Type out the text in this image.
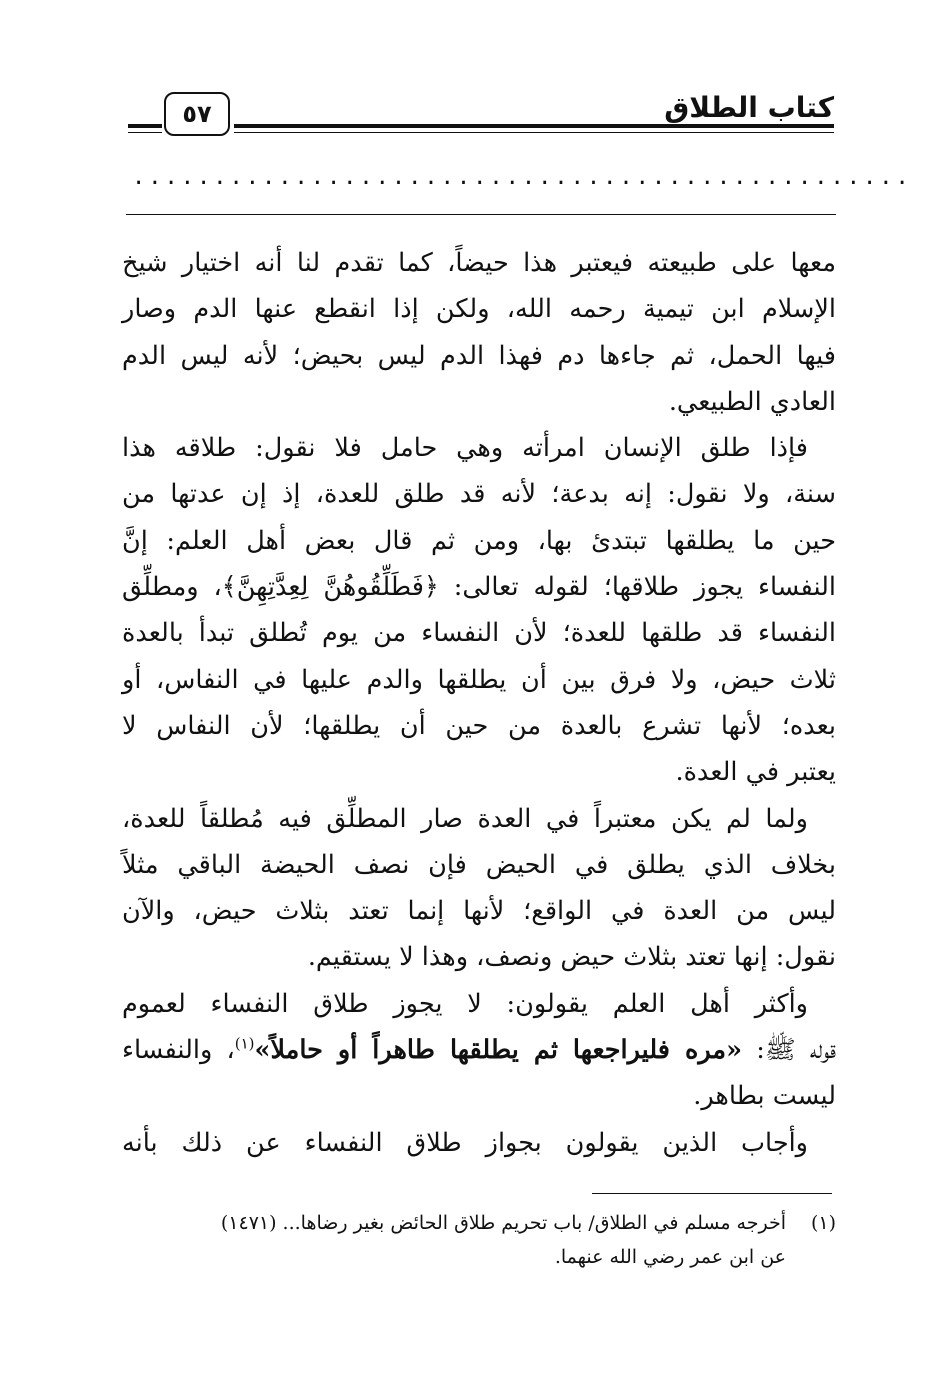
كتاب الطلاق
٥٧
................................................

معها على طبيعته فيعتبر هذا حيضاً، كما تقدم لنا أنه اختيار شيخ
الإسلام ابن تيمية رحمه الله، ولكن إذا انقطع عنها الدم وصار
فيها الحمل، ثم جاءها دم فهذا الدم ليس بحيض؛ لأنه ليس الدم
العادي الطبيعي.

فإذا طلق الإنسان امرأته وهي حامل فلا نقول: طلاقه هذا
سنة، ولا نقول: إنه بدعة؛ لأنه قد طلق للعدة، إذ إن عدتها من
حين ما يطلقها تبتدئ بها، ومن ثم قال بعض أهل العلم: إنَّ
النفساء يجوز طلاقها؛ لقوله تعالى: ﴿فَطَلِّقُوهُنَّ لِعِدَّتِهِنَّ﴾، ومطلِّق
النفساء قد طلقها للعدة؛ لأن النفساء من يوم تُطلق تبدأ بالعدة
ثلاث حيض، ولا فرق بين أن يطلقها والدم عليها في النفاس، أو
بعده؛ لأنها تشرع بالعدة من حين أن يطلقها؛ لأن النفاس لا
يعتبر في العدة.

ولما لم يكن معتبراً في العدة صار المطلِّق فيه مُطلقاً للعدة،
بخلاف الذي يطلق في الحيض فإن نصف الحيضة الباقي مثلاً
ليس من العدة في الواقع؛ لأنها إنما تعتد بثلاث حيض، والآن
نقول: إنها تعتد بثلاث حيض ونصف، وهذا لا يستقيم.

وأكثر أهل العلم يقولون: لا يجوز طلاق النفساء لعموم
قوله ﷺ: «مره فليراجعها ثم يطلقها طاهراً أو حاملاً»$^{(١)}$، والنفساء
ليست بطاهر.

وأجاب الذين يقولون بجواز طلاق النفساء عن ذلك بأنه

(١)أخرجه مسلم في الطلاق/ باب تحريم طلاق الحائض بغير رضاها... (١٤٧١)
عن ابن عمر رضي الله عنهما.
